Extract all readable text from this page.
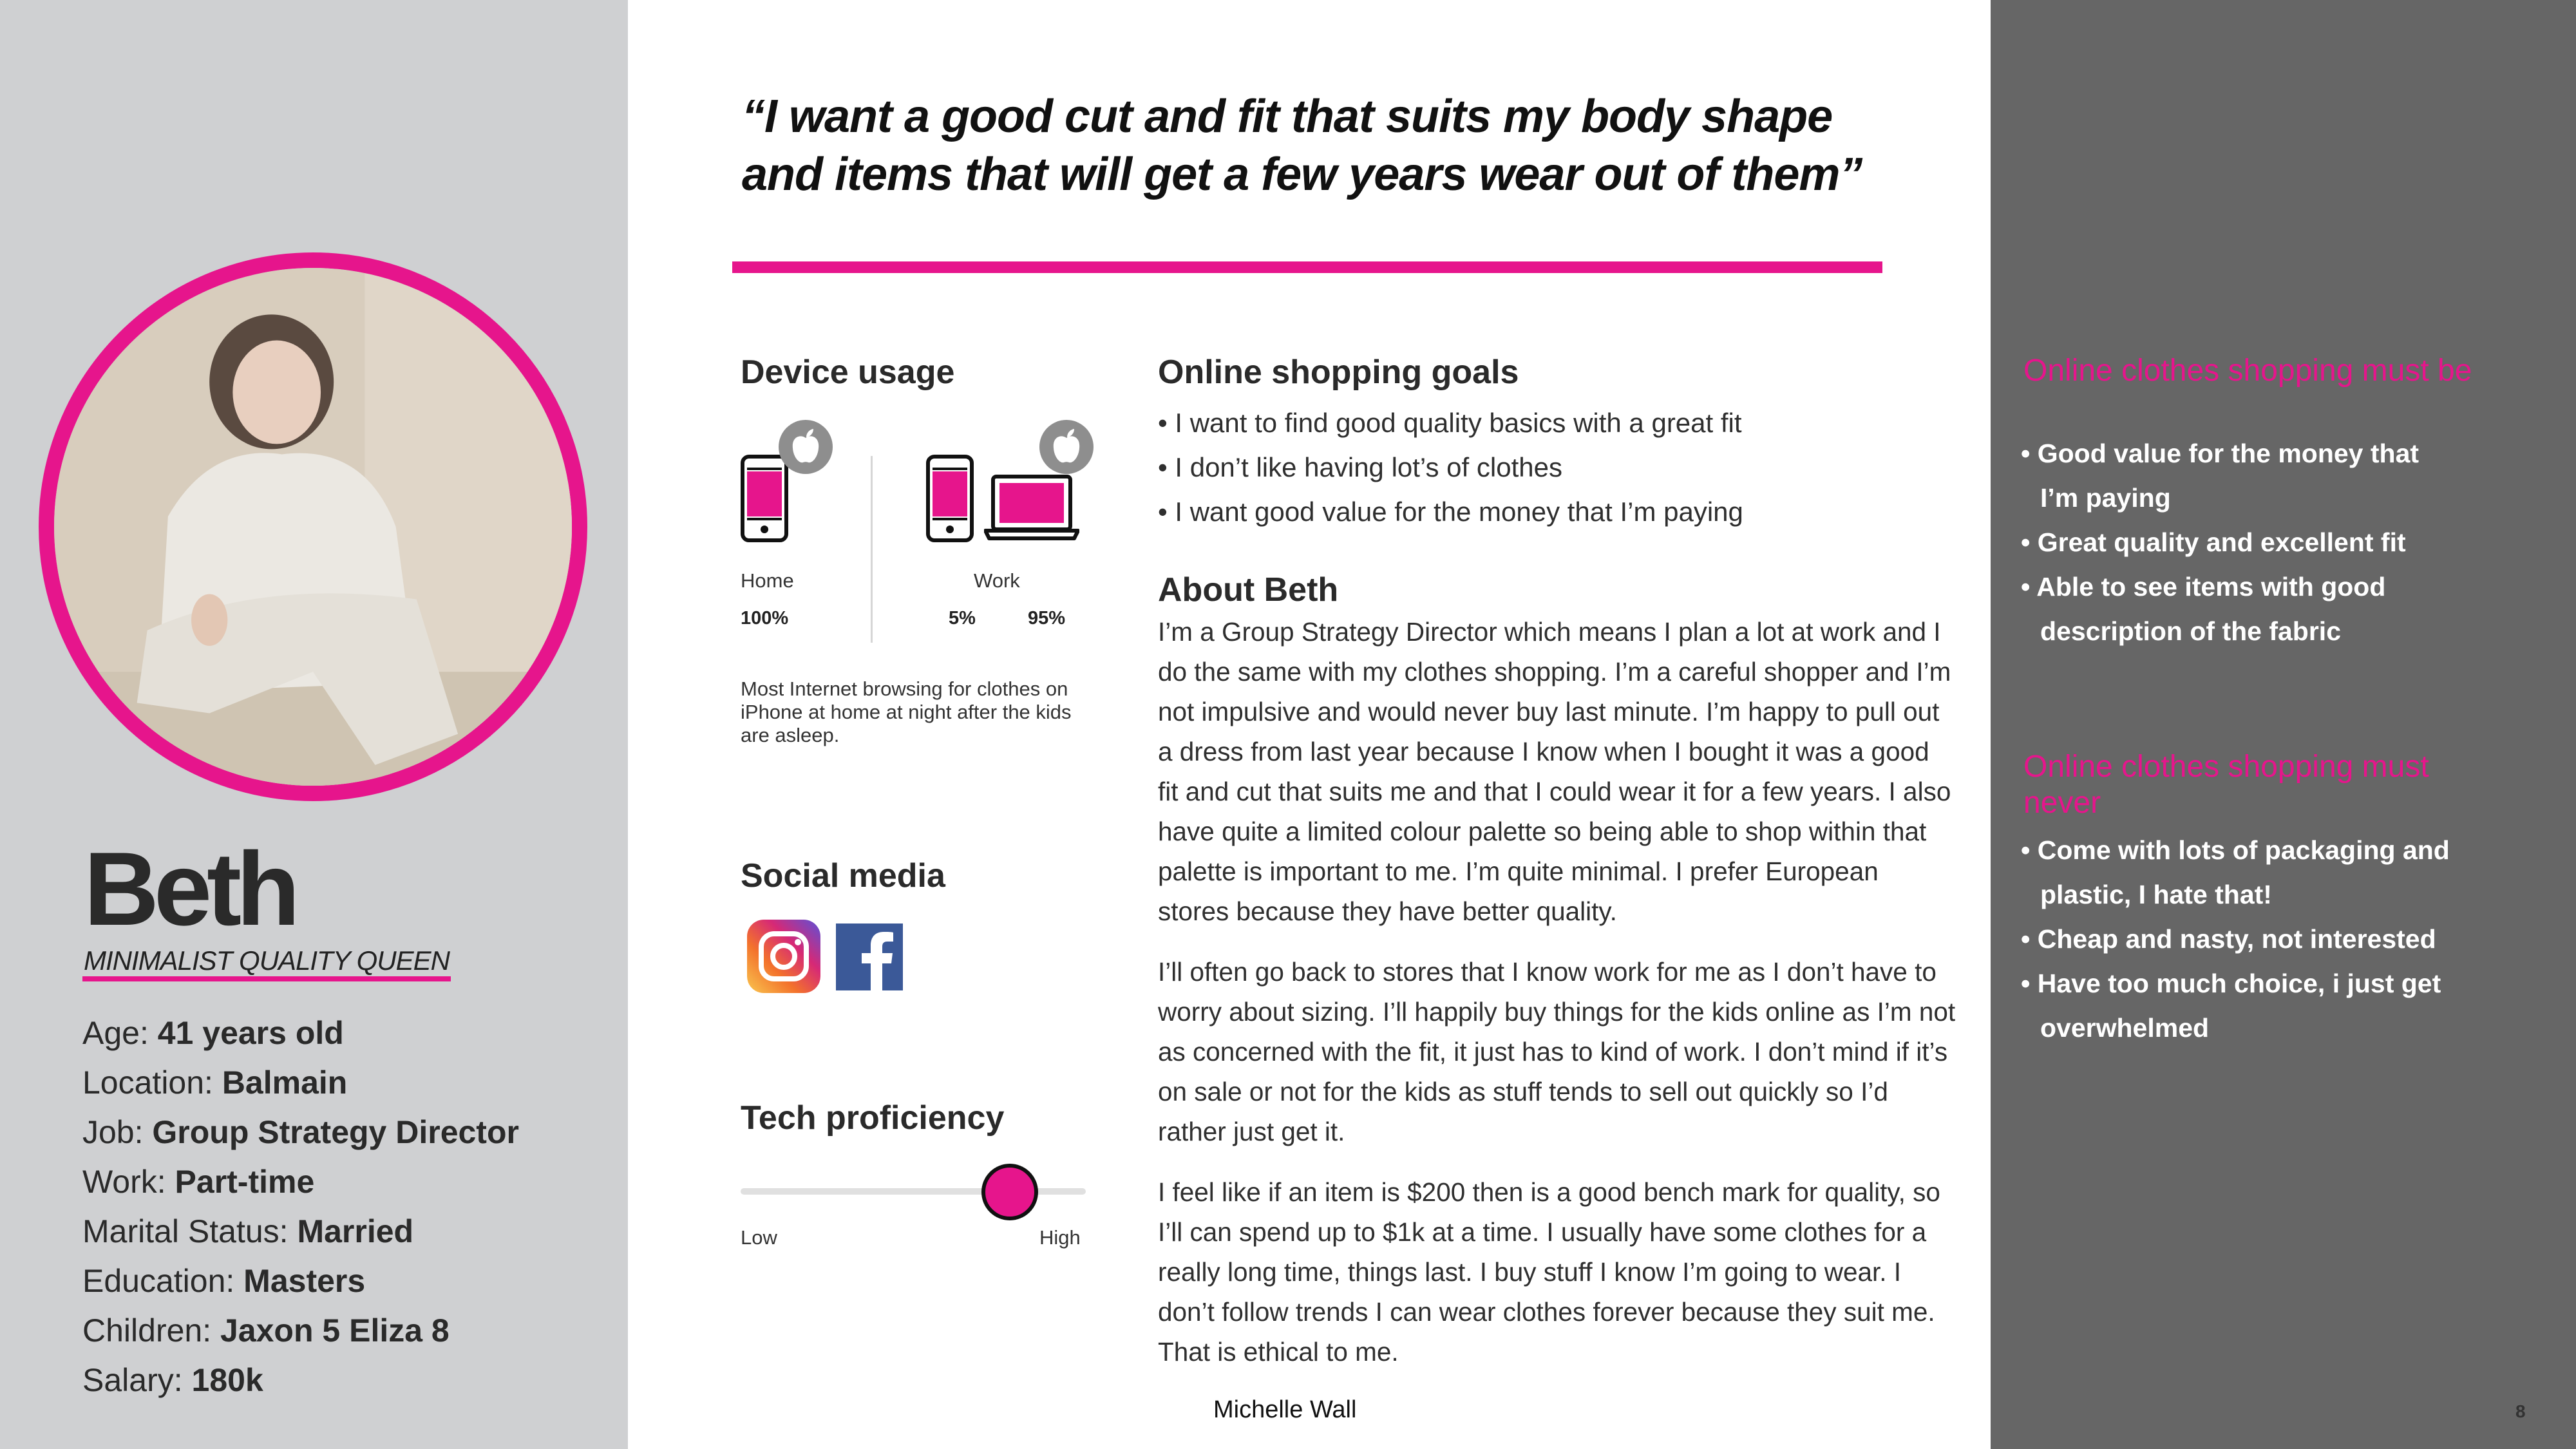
Beth
MINIMALIST QUALITY QUEEN
Age: 41 years old
Location: Balmain
Job: Group Strategy Director
Work: Part-time
Marital Status: Married
Education: Masters
Children: Jaxon 5 Eliza 8
Salary: 180k
“I want a good cut and fit that suits my body shape
and items that will get a few years wear out of them”
Device usage
Home
100%
Work
5%	95%
Most Internet browsing for clothes on iPhone at home at night after the kids are asleep.
Social media
Tech proficiency
Low	High
Online shopping goals
• I want to find good quality basics with a great fit
• I don’t like having lot’s of clothes
• I want good value for the money that I’m paying
About Beth
I’m a Group Strategy Director which means I plan a lot at work and I do the same with my clothes shopping. I’m a careful shopper and I’m not impulsive and would never buy last minute. I’m happy to pull out a dress from last year because I know when I bought it was a good fit and cut that suits me and that I could wear it for a few years. I also have quite a limited colour palette so being able to shop within that palette is important to me. I’m quite minimal. I prefer European stores because they have better quality.
I’ll often go back to stores that I know work for me as I don’t have to worry about sizing. I’ll happily buy things for the kids online as I’m not as concerned with the fit, it just has to kind of work. I don’t mind if it’s on sale or not for the kids as stuff tends to sell out quickly so I’d rather just get it.
I feel like if an item is $200 then is a good bench mark for quality, so I’ll can spend up to $1k at a time. I usually have some clothes for a really long time, things last. I buy stuff I know I’m going to wear. I don’t follow trends I can wear clothes forever because they suit me. That is ethical to me.
Michelle Wall
Online clothes shopping must be
• Good value for the money that
I’m paying
• Great quality and excellent fit
• Able to see items with good
description of the fabric
Online clothes shopping must never
• Come with lots of packaging and
plastic, I hate that!
• Cheap and nasty, not interested
• Have too much choice, i just get
overwhelmed
8
